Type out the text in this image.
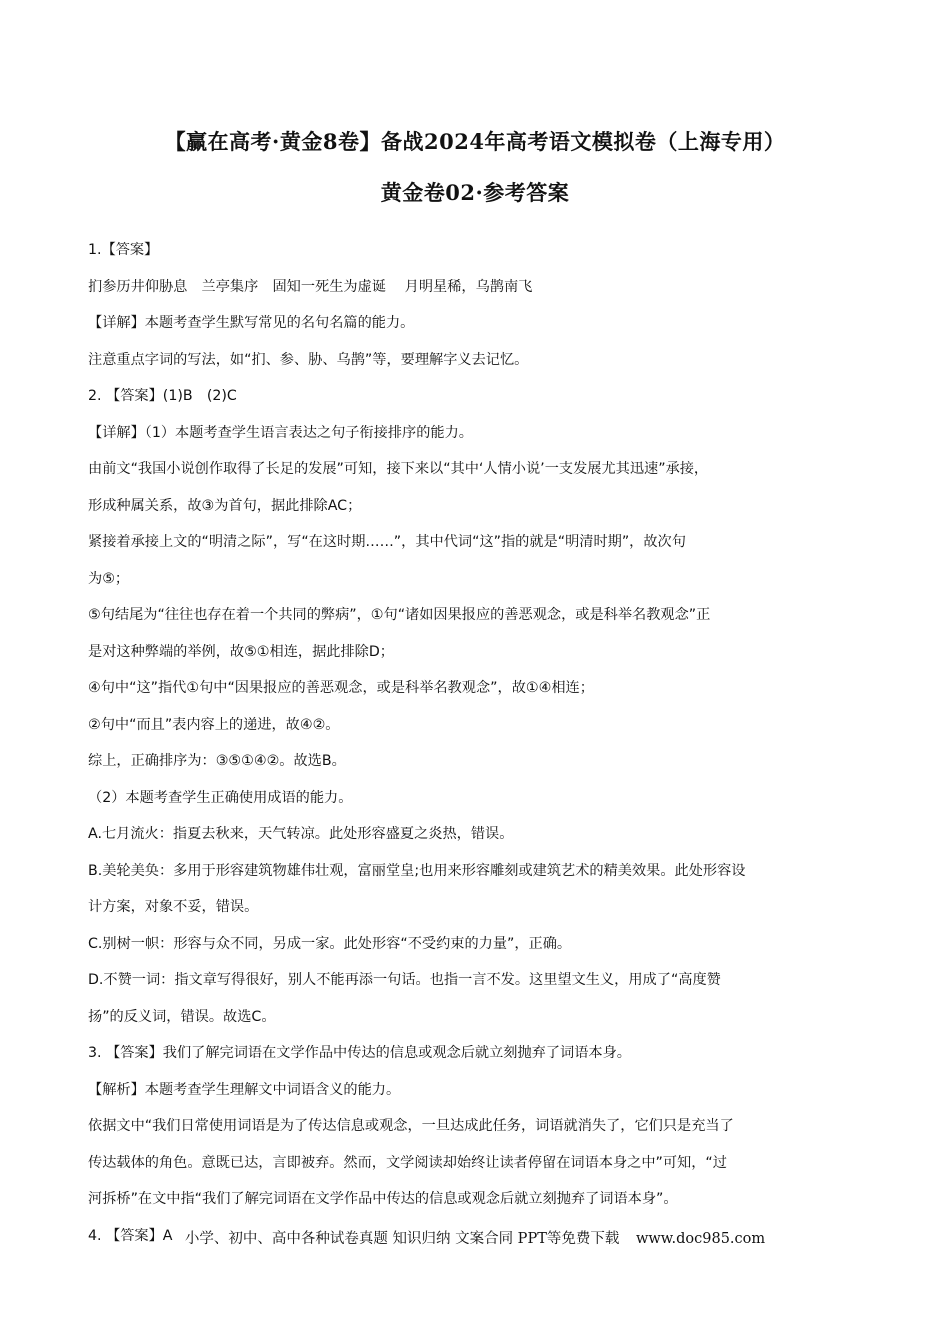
【赢在高考·黄金8卷】备战2024年高考语文模拟卷（上海专用）
黄金卷02·参考答案

1.【答案】

扪参历井仰胁息　兰亭集序　固知一死生为虚诞　 月明星稀，乌鹊南飞

【详解】本题考查学生默写常见的名句名篇的能力。

注意重点字词的写法，如“扪、参、胁、乌鹊”等，要理解字义去记忆。

2. 【答案】(1)B　(2)C

【详解】（1）本题考查学生语言表达之句子衔接排序的能力。

由前文“我国小说创作取得了长足的发展”可知，接下来以“其中‘人情小说’一支发展尤其迅速”承接，

形成种属关系，故③为首句，据此排除AC；

紧接着承接上文的“明清之际”，写“在这时期……”，其中代词“这”指的就是“明清时期”，故次句

为⑤；

⑤句结尾为“往往也存在着一个共同的弊病”，①句“诸如因果报应的善恶观念，或是科举名教观念”正

是对这种弊端的举例，故⑤①相连，据此排除D；

④句中“这”指代①句中“因果报应的善恶观念，或是科举名教观念”，故①④相连；

②句中“而且”表内容上的递进，故④②。

综上，正确排序为：③⑤①④②。故选B。

（2）本题考查学生正确使用成语的能力。

A.七月流火：指夏去秋来，天气转凉。此处形容盛夏之炎热，错误。

B.美轮美奂：多用于形容建筑物雄伟壮观，富丽堂皇;也用来形容雕刻或建筑艺术的精美效果。此处形容设

计方案，对象不妥，错误。

C.别树一帜：形容与众不同，另成一家。此处形容“不受约束的力量”，正确。

D.不赞一词：指文章写得很好，别人不能再添一句话。也指一言不发。这里望文生义，用成了“高度赞

扬”的反义词，错误。故选C。

3. 【答案】我们了解完词语在文学作品中传达的信息或观念后就立刻抛弃了词语本身。

【解析】本题考查学生理解文中词语含义的能力。

依据文中“我们日常使用词语是为了传达信息或观念，一旦达成此任务，词语就消失了，它们只是充当了

传达载体的角色。意既已达，言即被弃。然而，文学阅读却始终让读者停留在词语本身之中”可知，“过

河拆桥”在文中指“我们了解完词语在文学作品中传达的信息或观念后就立刻抛弃了词语本身”。

4. 【答案】A 小学、初中、高中各种试卷真题 知识归纳 文案合同 PPT等免费下载 www.doc985.com
